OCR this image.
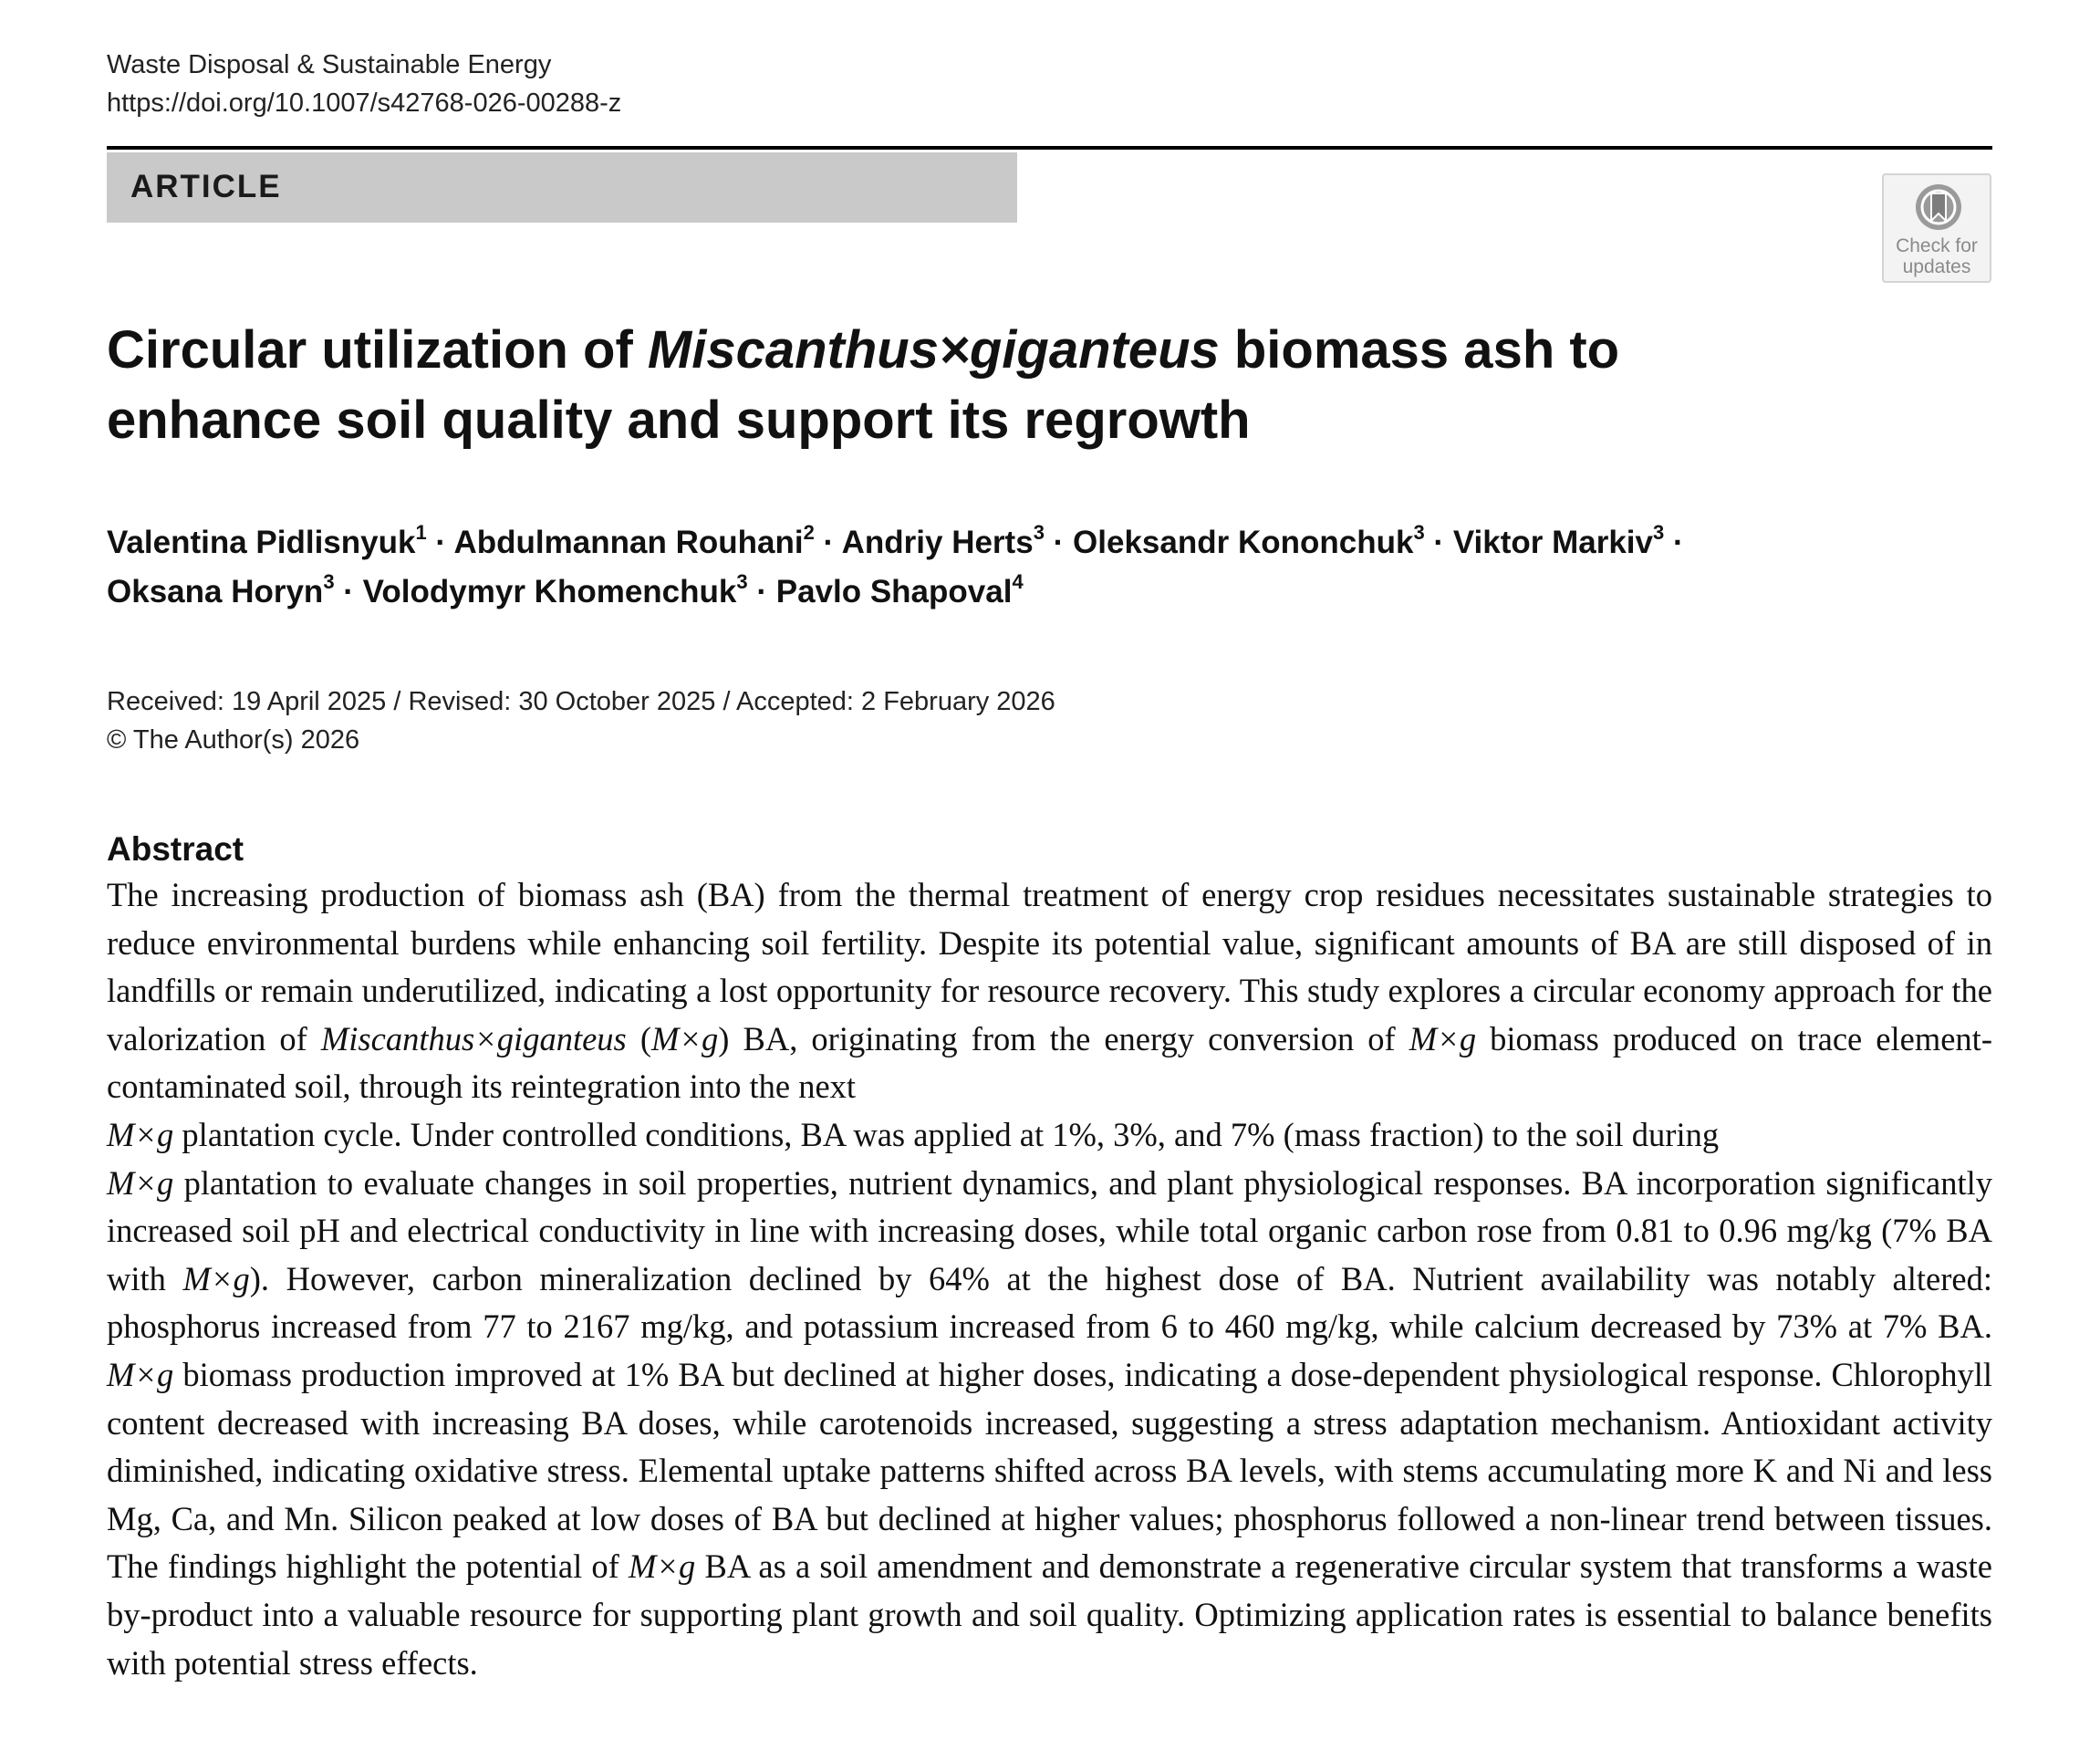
Waste Disposal & Sustainable Energy
https://doi.org/10.1007/s42768-026-00288-z
ARTICLE
Check for
updates
Circular utilization of Miscanthus×giganteus biomass ash to enhance soil quality and support its regrowth

Valentina Pidlisnyuk$^1$ · Abdulmannan Rouhani$^2$ · Andriy Herts$^3$ · Oleksandr Kononchuk$^3$ · Viktor Markiv$^3$ ·
Oksana Horyn$^3$ · Volodymyr Khomenchuk$^3$ · Pavlo Shapoval$^4$

Received: 19 April 2025 / Revised: 30 October 2025 / Accepted: 2 February 2026
© The Author(s) 2026
Abstract

The increasing production of biomass ash (BA) from the thermal treatment of energy crop residues necessitates sustainable strategies to reduce environmental burdens while enhancing soil fertility. Despite its potential value, significant amounts of BA are still disposed of in landfills or remain underutilized, indicating a lost opportunity for resource recovery. This study explores a circular economy approach for the valorization of Miscanthus×giganteus (M×g) BA, originating from the energy conversion of M×g biomass produced on trace element-contaminated soil, through its reintegration into the next
M×g plantation cycle. Under controlled conditions, BA was applied at 1%, 3%, and 7% (mass fraction) to the soil during
M×g plantation to evaluate changes in soil properties, nutrient dynamics, and plant physiological responses. BA incorporation significantly increased soil pH and electrical conductivity in line with increasing doses, while total organic carbon rose from 0.81 to 0.96 mg/kg (7% BA with M×g). However, carbon mineralization declined by 64% at the highest dose of BA. Nutrient availability was notably altered: phosphorus increased from 77 to 2167 mg/kg, and potassium increased from 6 to 460 mg/kg, while calcium decreased by 73% at 7% BA. M×g biomass production improved at 1% BA but declined at higher doses, indicating a dose-dependent physiological response. Chlorophyll content decreased with increasing BA doses, while carotenoids increased, suggesting a stress adaptation mechanism. Antioxidant activity diminished, indicating oxidative stress. Elemental uptake patterns shifted across BA levels, with stems accumulating more K and Ni and less Mg, Ca, and Mn. Silicon peaked at low doses of BA but declined at higher values; phosphorus followed a non-linear trend between tissues. The findings highlight the potential of M×g BA as a soil amendment and demonstrate a regenerative circular system that transforms a waste by-product into a valuable resource for supporting plant growth and soil quality. Optimizing application rates is essential to balance benefits with potential stress effects.
